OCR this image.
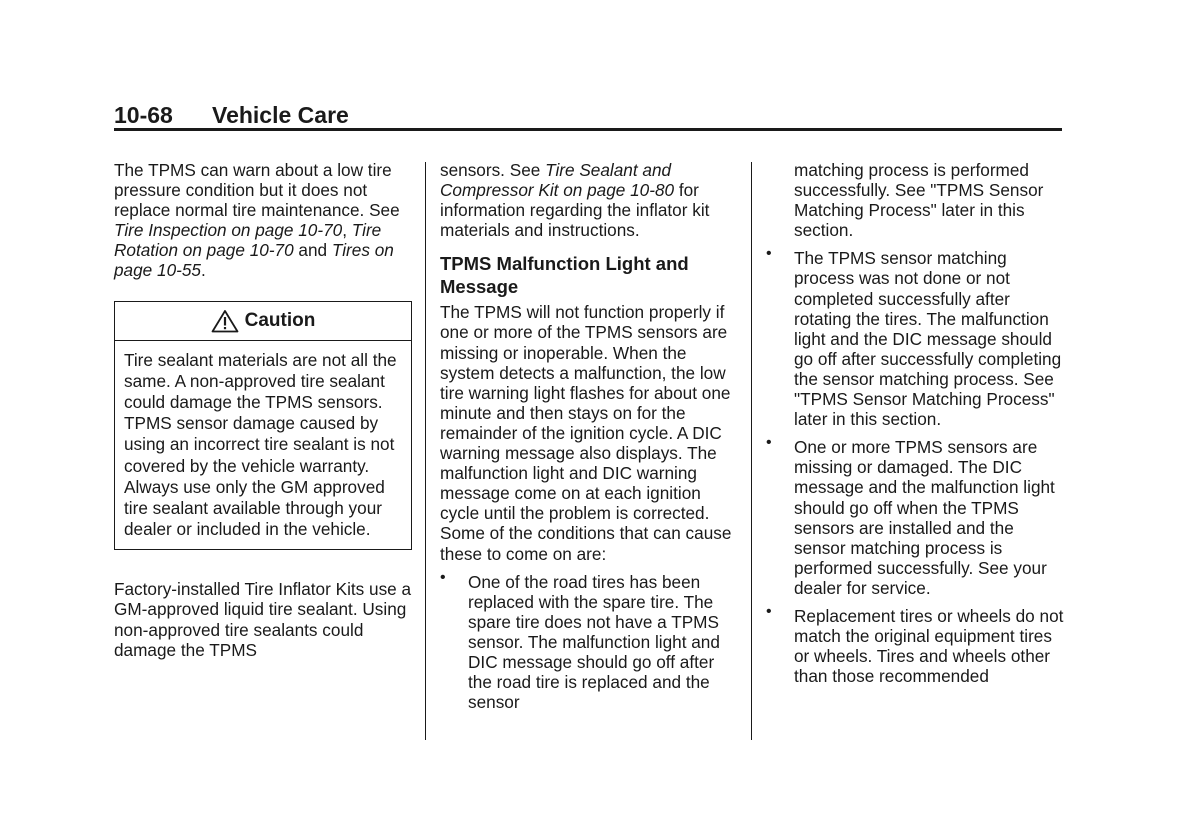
10-68 Vehicle Care

The TPMS can warn about a low tire pressure condition but it does not replace normal tire maintenance. See Tire Inspection on page 10-70, Tire Rotation on page 10-70 and Tires on page 10-55.

Caution
Tire sealant materials are not all the same. A non-approved tire sealant could damage the TPMS sensors. TPMS sensor damage caused by using an incorrect tire sealant is not covered by the vehicle warranty. Always use only the GM approved tire sealant available through your dealer or included in the vehicle.

Factory-installed Tire Inflator Kits use a GM-approved liquid tire sealant. Using non-approved tire sealants could damage the TPMS

sensors. See Tire Sealant and Compressor Kit on page 10-80 for information regarding the inflator kit materials and instructions.

TPMS Malfunction Light and Message

The TPMS will not function properly if one or more of the TPMS sensors are missing or inoperable. When the system detects a malfunction, the low tire warning light flashes for about one minute and then stays on for the remainder of the ignition cycle. A DIC warning message also displays. The malfunction light and DIC warning message come on at each ignition cycle until the problem is corrected. Some of the conditions that can cause these to come on are:

• One of the road tires has been replaced with the spare tire. The spare tire does not have a TPMS sensor. The malfunction light and DIC message should go off after the road tire is replaced and the sensor

matching process is performed successfully. See "TPMS Sensor Matching Process" later in this section.

• The TPMS sensor matching process was not done or not completed successfully after rotating the tires. The malfunction light and the DIC message should go off after successfully completing the sensor matching process. See "TPMS Sensor Matching Process" later in this section.
• One or more TPMS sensors are missing or damaged. The DIC message and the malfunction light should go off when the TPMS sensors are installed and the sensor matching process is performed successfully. See your dealer for service.
• Replacement tires or wheels do not match the original equipment tires or wheels. Tires and wheels other than those recommended
